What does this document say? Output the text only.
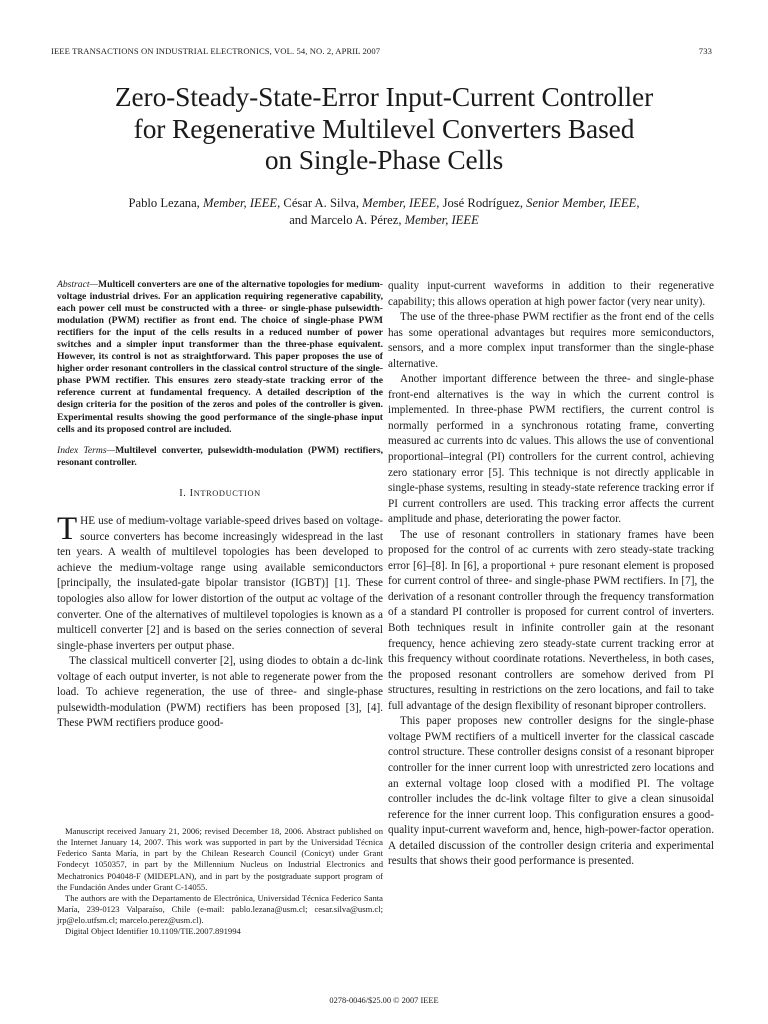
IEEE TRANSACTIONS ON INDUSTRIAL ELECTRONICS, VOL. 54, NO. 2, APRIL 2007	733
Zero-Steady-State-Error Input-Current Controller
for Regenerative Multilevel Converters Based
on Single-Phase Cells
Pablo Lezana, Member, IEEE, César A. Silva, Member, IEEE, José Rodríguez, Senior Member, IEEE,
and Marcelo A. Pérez, Member, IEEE
Abstract—Multicell converters are one of the alternative topologies for medium-voltage industrial drives. For an application requiring regenerative capability, each power cell must be constructed with a three- or single-phase pulsewidth-modulation (PWM) rectifier as front end. The choice of single-phase PWM rectifiers for the input of the cells results in a reduced number of power switches and a simpler input transformer than the three-phase equivalent. However, its control is not as straightforward. This paper proposes the use of higher order resonant controllers in the classical control structure of the single-phase PWM rectifier. This ensures zero steady-state tracking error of the reference current at fundamental frequency. A detailed description of the design criteria for the position of the zeros and poles of the controller is given. Experimental results showing the good performance of the single-phase input cells and its proposed control are included.
Index Terms—Multilevel converter, pulsewidth-modulation (PWM) rectifiers, resonant controller.
I. INTRODUCTION

THE use of medium-voltage variable-speed drives based on voltage-source converters has become increasingly widespread in the last ten years. A wealth of multilevel topologies has been developed to achieve the medium-voltage range using available semiconductors [principally, the insulated-gate bipolar transistor (IGBT)] [1]. These topologies also allow for lower distortion of the output ac voltage of the converter. One of the alternatives of multilevel topologies is known as a multicell converter [2] and is based on the series connection of several single-phase inverters per output phase.

The classical multicell converter [2], using diodes to obtain a dc-link voltage of each output inverter, is not able to regenerate power from the load. To achieve regeneration, the use of three- and single-phase pulsewidth-modulation (PWM) rectifiers has been proposed [3], [4]. These PWM rectifiers produce good-

quality input-current waveforms in addition to their regenerative capability; this allows operation at high power factor (very near unity).

The use of the three-phase PWM rectifier as the front end of the cells has some operational advantages but requires more semiconductors, sensors, and a more complex input transformer than the single-phase alternative.

Another important difference between the three- and single-phase front-end alternatives is the way in which the current control is implemented. In three-phase PWM rectifiers, the current control is normally performed in a synchronous rotating frame, converting measured ac currents into dc values. This allows the use of conventional proportional–integral (PI) controllers for the current control, achieving zero stationary error [5]. This technique is not directly applicable in single-phase systems, resulting in steady-state reference tracking error if PI current controllers are used. This tracking error affects the current amplitude and phase, deteriorating the power factor.

The use of resonant controllers in stationary frames have been proposed for the control of ac currents with zero steady-state tracking error [6]–[8]. In [6], a proportional + pure resonant element is proposed for current control of three- and single-phase PWM rectifiers. In [7], the derivation of a resonant controller through the frequency transformation of a standard PI controller is proposed for current control of inverters. Both techniques result in infinite controller gain at the resonant frequency, hence achieving zero steady-state current tracking error at this frequency without coordinate rotations. Nevertheless, in both cases, the proposed resonant controllers are somehow derived from PI structures, resulting in restrictions on the zero locations, and fail to take full advantage of the design flexibility of resonant biproper controllers.

This paper proposes new controller designs for the single-phase voltage PWM rectifiers of a multicell inverter for the classical cascade control structure. These controller designs consist of a resonant biproper controller for the inner current loop with unrestricted zero locations and an external voltage loop closed with a modified PI. The voltage controller includes the dc-link voltage filter to give a clean sinusoidal reference for the inner current loop. This configuration ensures a good-quality input-current waveform and, hence, high-power-factor operation. A detailed discussion of the controller design criteria and experimental results that shows their good performance is presented.

Manuscript received January 21, 2006; revised December 18, 2006. Abstract published on the Internet January 14, 2007. This work was supported in part by the Universidad Técnica Federico Santa María, in part by the Chilean Research Council (Conicyt) under Grant Fondecyt 1050357, in part by the Millennium Nucleus on Industrial Electronics and Mechatronics P04048-F (MIDEPLAN), and in part by the postgraduate support program of the Fundación Andes under Grant C-14055.

The authors are with the Departamento de Electrónica, Universidad Técnica Federico Santa María, 239-0123 Valparaíso, Chile (e-mail: pablo.lezana@usm.cl; cesar.silva@usm.cl; jrp@elo.utfsm.cl; marcelo.perez@usm.cl).

Digital Object Identifier 10.1109/TIE.2007.891994

0278-0046/$25.00 © 2007 IEEE
